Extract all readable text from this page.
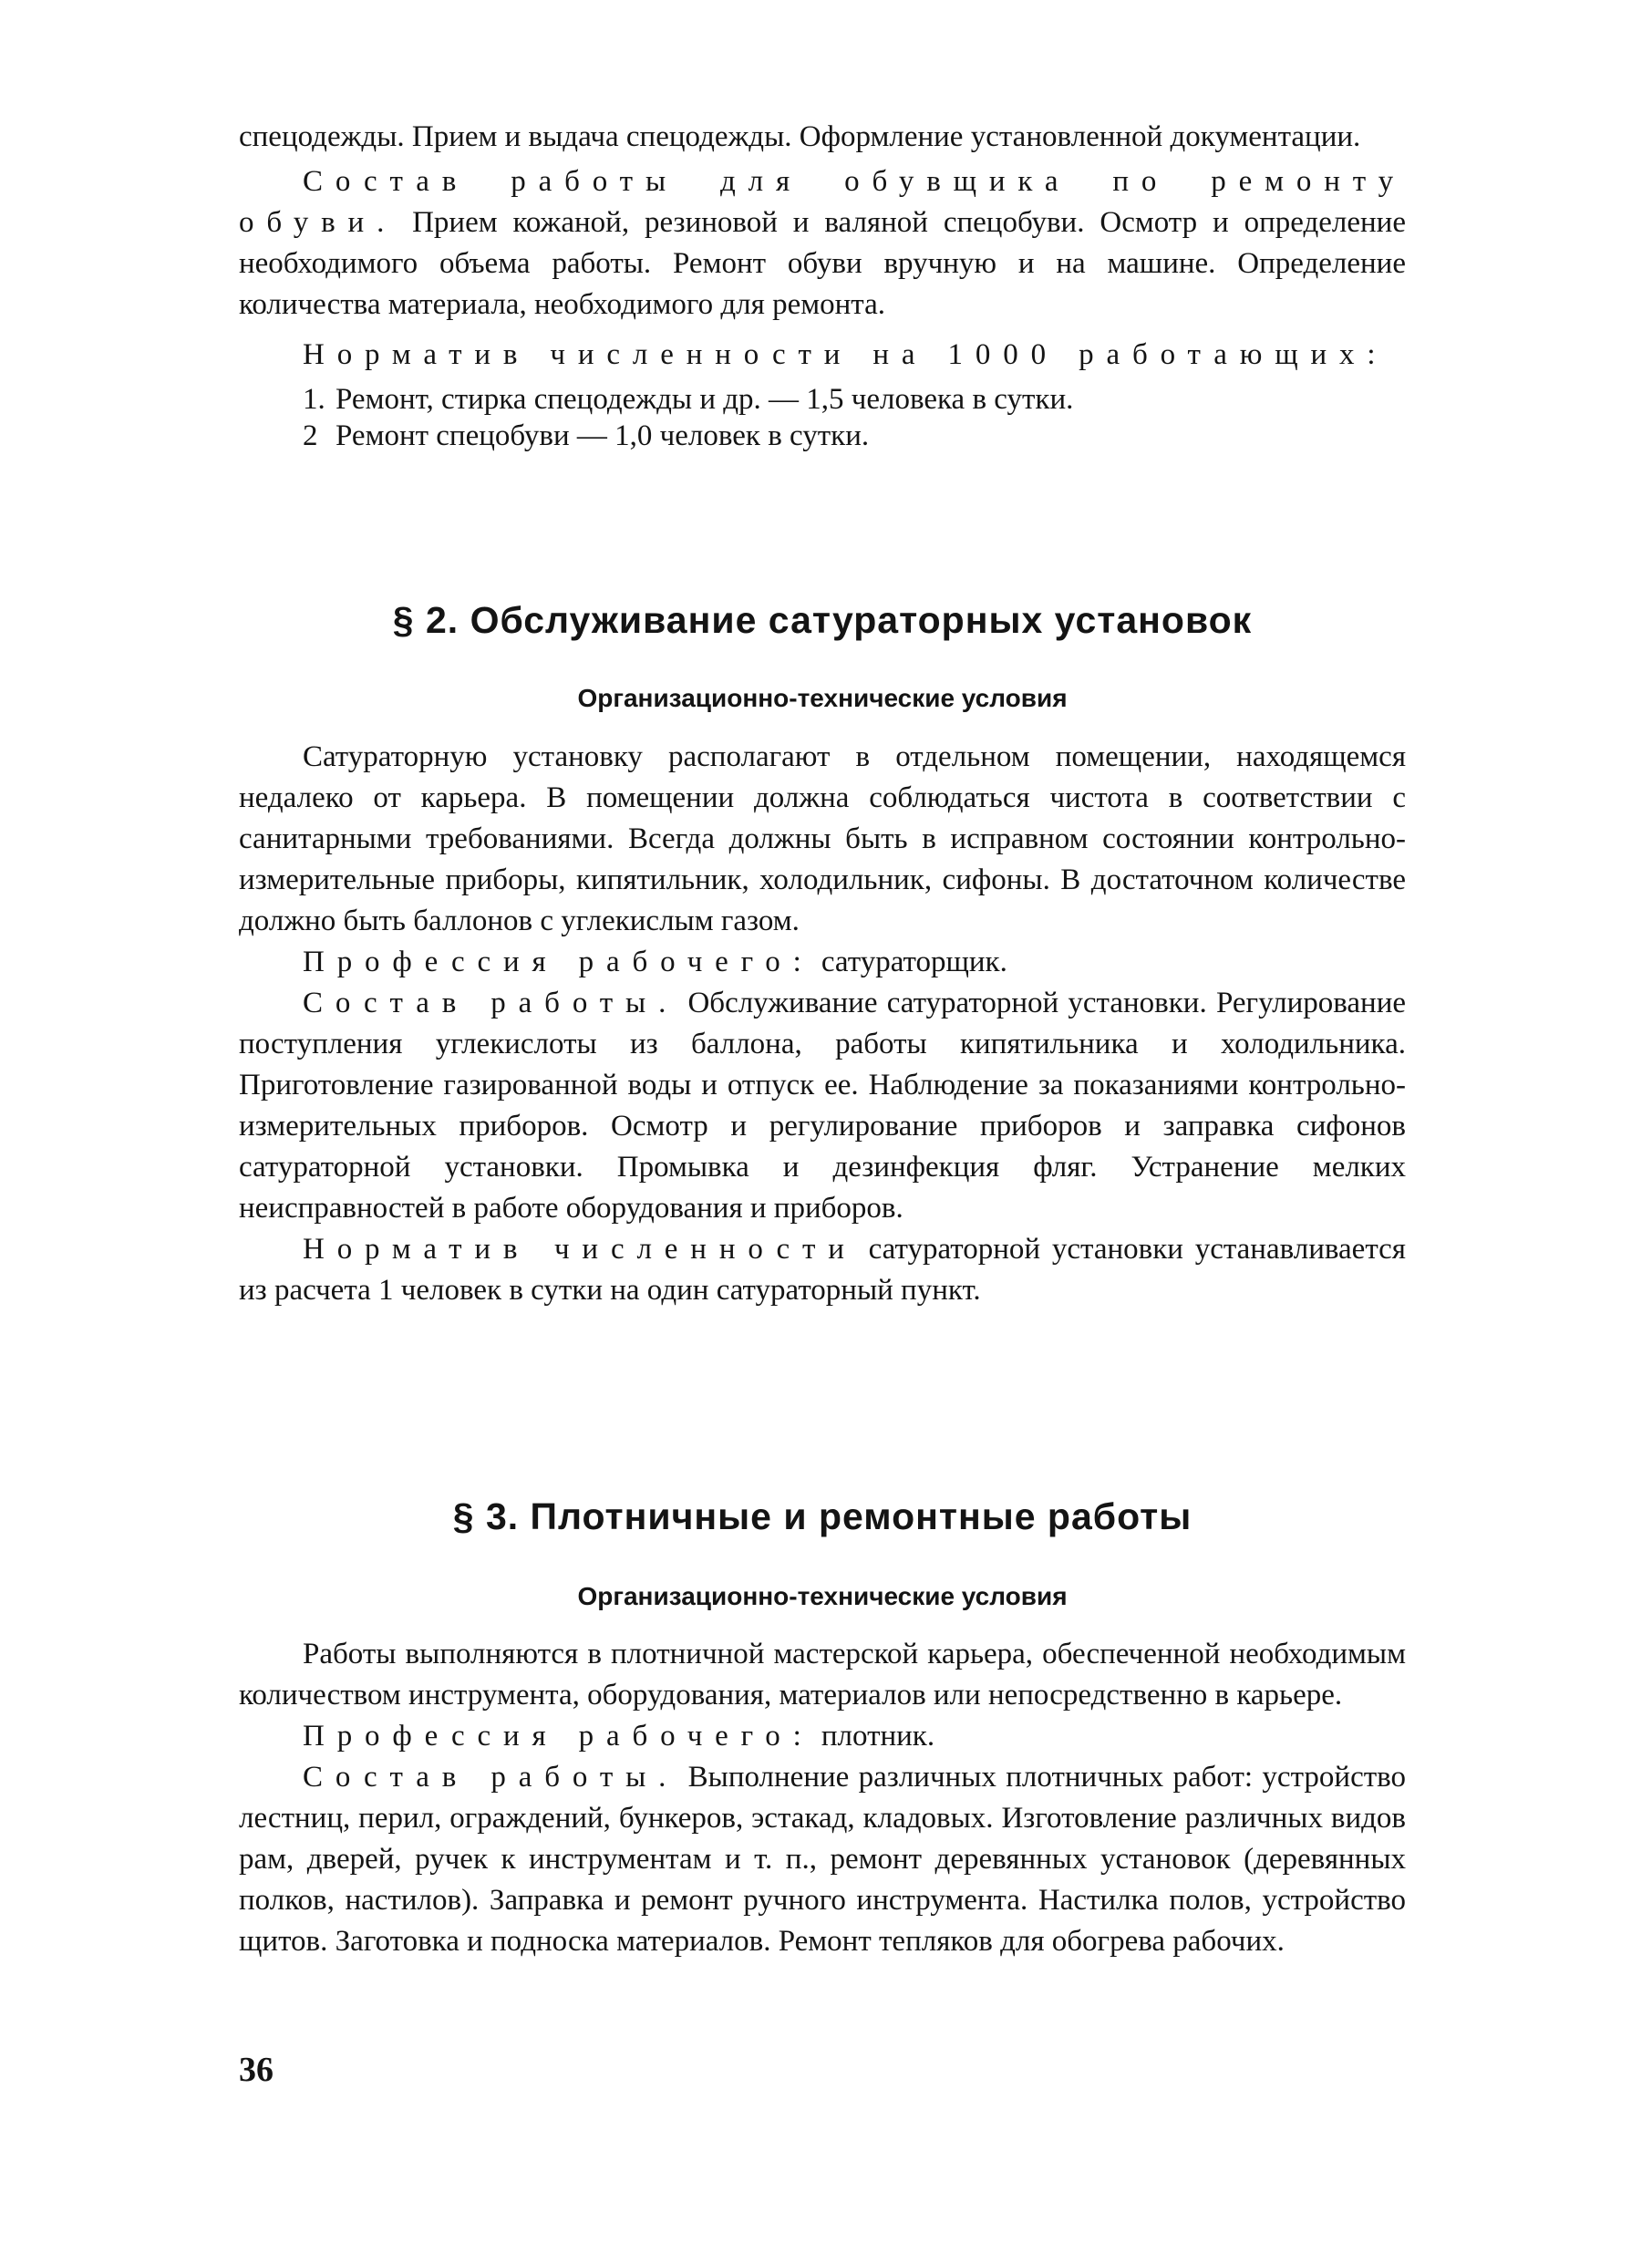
спецодежды. Прием и выдача спецодежды. Оформление установленной документации.

Состав работы для обувщика по ремонту обуви. Прием кожаной, резиновой и валяной спецобуви. Осмотр и определение необходимого объема работы. Ремонт обуви вручную и на машине. Определение количества материала, необходимого для ремонта.

Норматив численности на 1000 работающих:

1. Ремонт, стирка спецодежды и др. — 1,5 человека в сутки.
2 Ремонт спецобуви — 1,0 человек в сутки.
§ 2. Обслуживание сатураторных установок
Организационно-технические условия

Сатураторную установку располагают в отдельном помещении, находящемся недалеко от карьера. В помещении должна соблюдаться чистота в соответствии с санитарными требованиями. Всегда должны быть в исправном состоянии контрольно-измерительные приборы, кипятильник, холодильник, сифоны. В достаточном количестве должно быть баллонов с углекислым газом.

Профессия рабочего: сатураторщик.

Состав работы. Обслуживание сатураторной установки. Регулирование поступления углекислоты из баллона, работы кипятильника и холодильника. Приготовление газированной воды и отпуск ее. Наблюдение за показаниями контрольно-измерительных приборов. Осмотр и регулирование приборов и заправка сифонов сатураторной установки. Промывка и дезинфекция фляг. Устранение мелких неисправностей в работе оборудования и приборов.

Норматив численности сатураторной установки устанавливается из расчета 1 человек в сутки на один сатураторный пункт.

§ 3. Плотничные и ремонтные работы
Организационно-технические условия

Работы выполняются в плотничной мастерской карьера, обеспеченной необходимым количеством инструмента, оборудования, материалов или непосредственно в карьере.

Профессия рабочего: плотник.

Состав работы. Выполнение различных плотничных работ: устройство лестниц, перил, ограждений, бункеров, эстакад, кладовых. Изготовление различных видов рам, дверей, ручек к инструментам и т. п., ремонт деревянных установок (деревянных полков, настилов). Заправка и ремонт ручного инструмента. Настилка полов, устройство щитов. Заготовка и подноска материалов. Ремонт тепляков для обогрева рабочих.

36
